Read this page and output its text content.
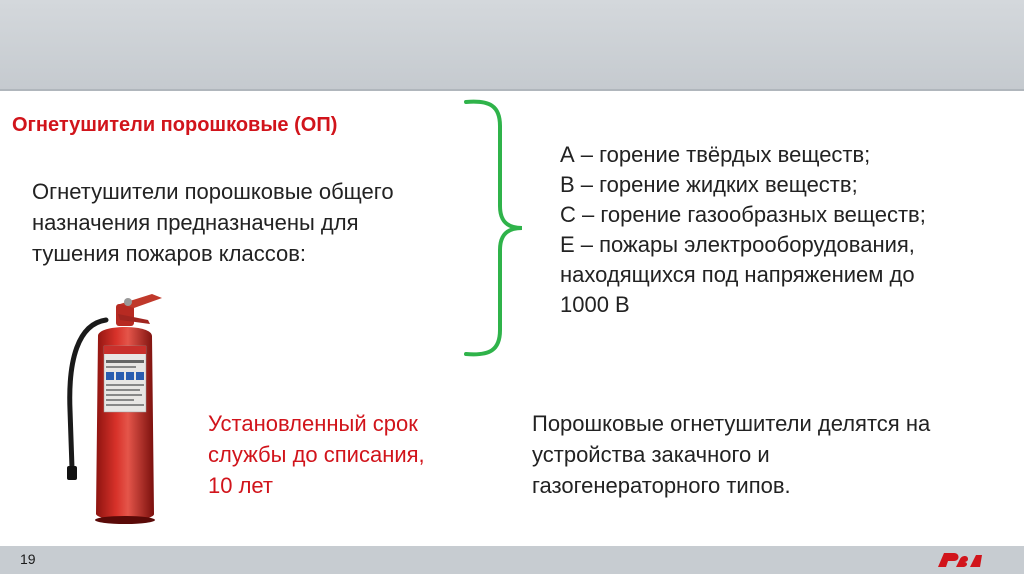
Огнетушители порошковые (ОП)
Огнетушители порошковые общего
назначения предназначены для
тушения пожаров классов:
А – горение твёрдых веществ;
В – горение жидких веществ;
С – горение газообразных веществ;
Е – пожары электрооборудования,
находящихся под напряжением до
1000 В
Установленный срок
службы до списания,
10 лет
Порошковые огнетушители делятся на
устройства закачного и
газогенераторного типов.
19
